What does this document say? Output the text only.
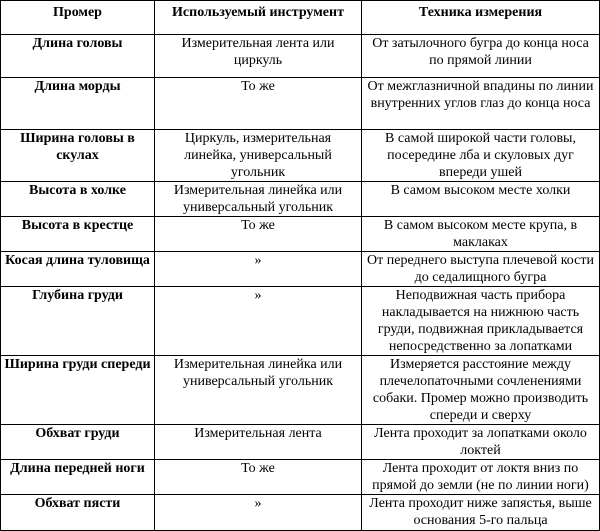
Промер	Используемый инструмент	Техника измерения
Длина головы	Измерительная лента или циркуль	От затылочного бугра до конца носа по прямой линии
Длина морды	То же	От межглазничной впадины по линии внутренних углов глаз до конца носа
Ширина головы в скулах	Циркуль, измерительная линейка, универсальный угольник	В самой широкой части головы, посередине лба и скуловых дуг впереди ушей
Высота в холке	Измерительная линейка или универсальный угольник	В самом высоком месте холки
Высота в крестце	То же	В самом высоком месте крупа, в маклаках
Косая длина туловища	»	От переднего выступа плечевой кости до седалищного бугра
Глубина груди	»	Неподвижная часть прибора накладывается на нижнюю часть груди, подвижная прикладывается непосредственно за лопатками
Ширина груди спереди	Измерительная линейка или универсальный угольник	Измеряется расстояние между плечелопаточными сочленениями собаки. Промер можно производить спереди и сверху
Обхват груди	Измерительная лента	Лента проходит за лопатками около локтей
Длина передней ноги	То же	Лента проходит от локтя вниз по прямой до земли (не по линии ноги)
Обхват пясти	»	Лента проходит ниже запястья, выше основания 5-го пальца
